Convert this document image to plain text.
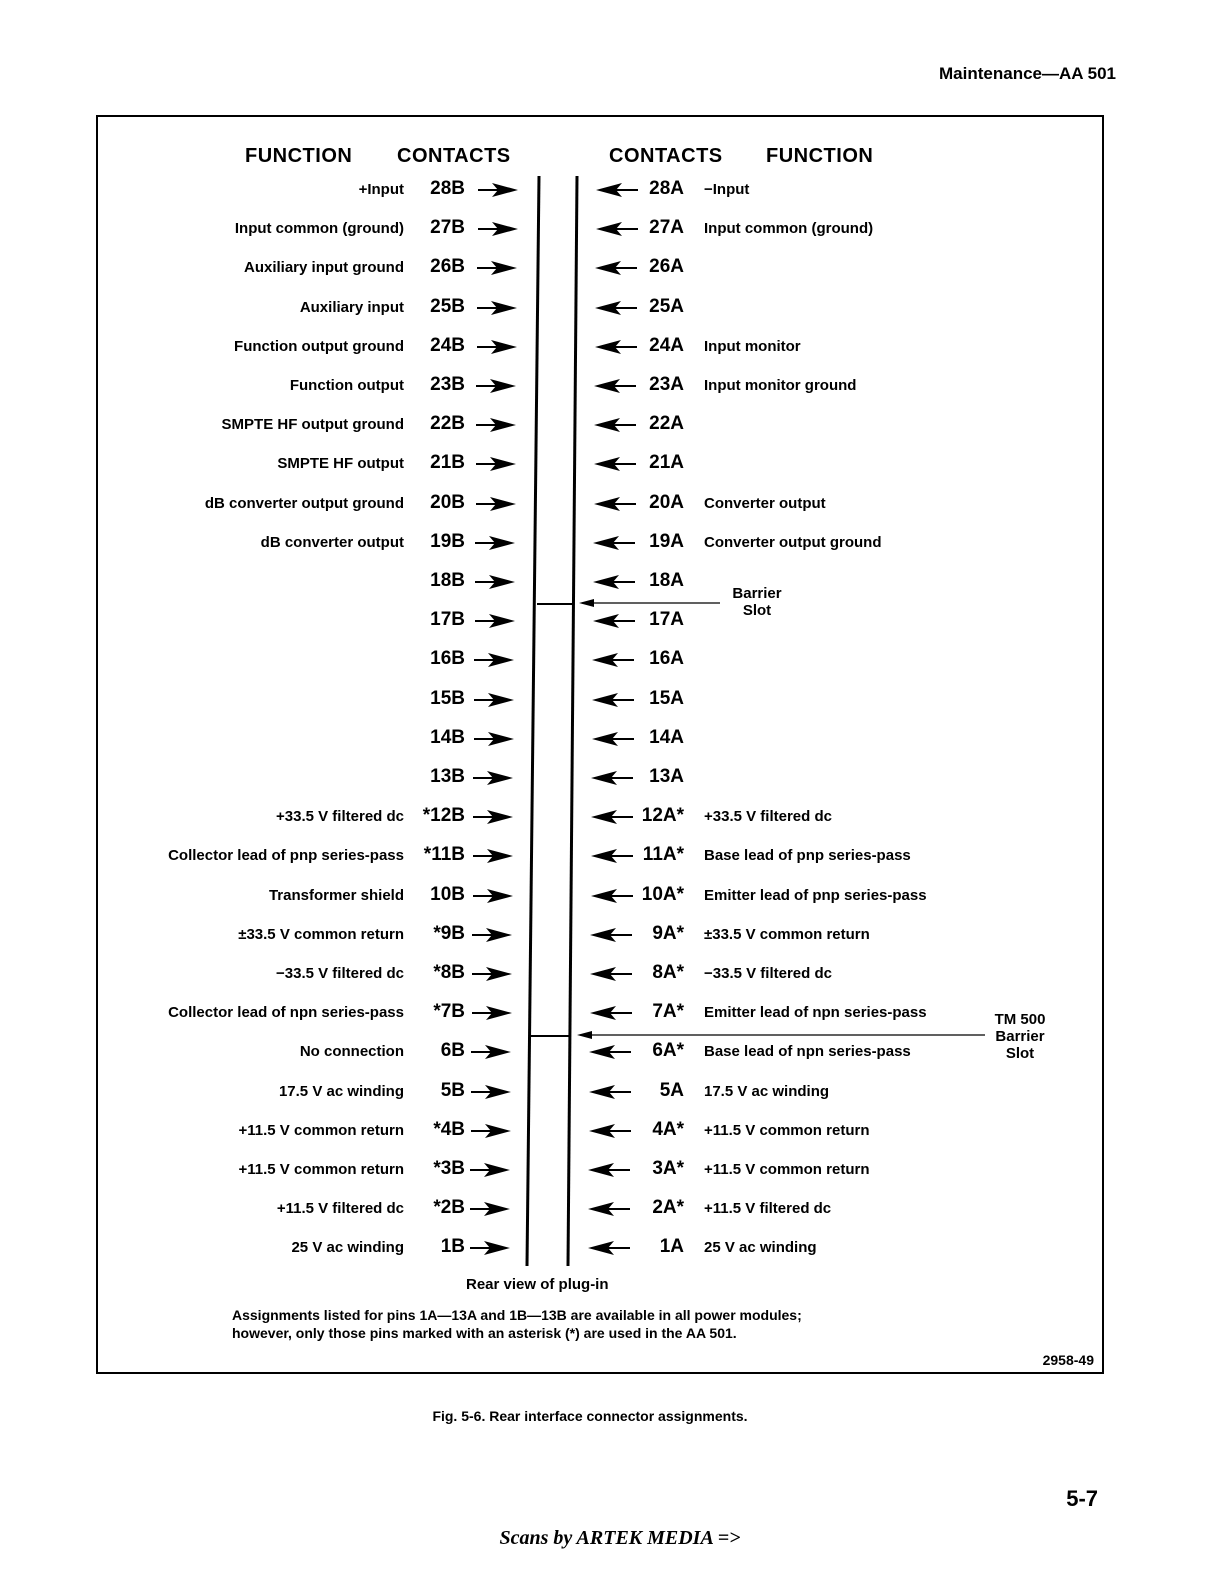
Maintenance—AA 501
FUNCTION CONTACTS	CONTACTS FUNCTION
+Input	28B	28A −Input
Input common (ground)	27B	27A Input common (ground)
Auxiliary input ground	26B	26A
Auxiliary input	25B	25A
Function output ground	24B	24A Input monitor
Function output	23B	23A Input monitor ground
SMPTE HF output ground	22B	22A
SMPTE HF output	21B	21A
dB converter output ground	20B	20A Converter output
dB converter output	19B	19A Converter output ground
18B	18A
17B	17A
16B	16A
15B	15A
14B	14A
13B	13A
+33.5 V filtered dc *12B	12A* +33.5 V filtered dc
Collector lead of pnp series-pass	*11B	11A* Base lead of pnp series-pass
Transformer shield	10B	10A* Emitter lead of pnp series-pass
±33.5 V common return	*9B	9A* ±33.5 V common return
−33.5 V filtered dc	*8B	8A* −33.5 V filtered dc
Collector lead of npn series-pass	*7B	7A* Emitter lead of npn series-pass
No connection	6B	6A* Base lead of npn series-pass
17.5 V ac winding	5B	5A 17.5 V ac winding
+11.5 V common return	*4B	4A* +11.5 V common return
+11.5 V common return	*3B	3A* +11.5 V common return
+11.5 V filtered dc	*2B	2A* +11.5 V filtered dc
25 V ac winding	1B	1A 25 V ac winding
Barrier
Slot
TM 500
Barrier
Slot
Rear view of plug-in
Assignments listed for pins 1A—13A and 1B—13B are available in all power modules;
however, only those pins marked with an asterisk (*) are used in the AA 501.
2958-49
Fig. 5-6. Rear interface connector assignments.
5-7
Scans by ARTEK MEDIA =>
